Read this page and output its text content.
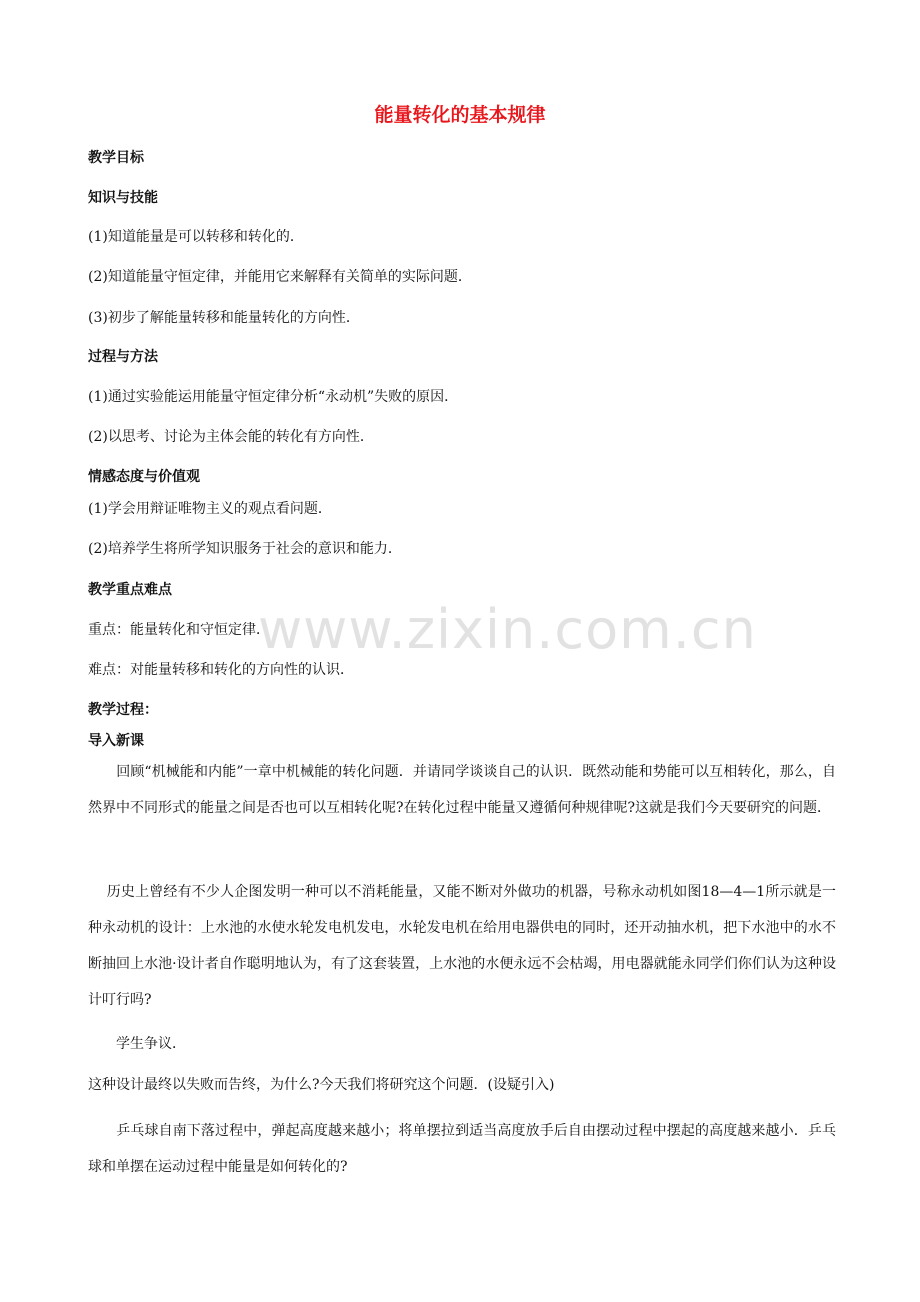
www.zixin.com.cn
能量转化的基本规律
教学目标
知识与技能
(1)知道能量是可以转移和转化的．
(2)知道能量守恒定律，并能用它来解释有关简单的实际问题．
(3)初步了解能量转移和能量转化的方向性．
过程与方法
(1)通过实验能运用能量守恒定律分析“永动机”失败的原因．
(2)以思考、讨论为主体会能的转化有方向性．
情感态度与价值观
(1)学会用辩证唯物主义的观点看问题．
(2)培养学生将所学知识服务于社会的意识和能力．
教学重点难点
重点：能量转化和守恒定律．
难点：对能量转移和转化的方向性的认识．
教学过程：
导入新课
　　回顾“机械能和内能”一章中机械能的转化问题．并请同学谈谈自己的认识．既然动能和势能可以互相转化，那么，自然界中不同形式的能量之间是否也可以互相转化呢?在转化过程中能量又遵循何种规律呢?这就是我们今天要研究的问题．
　 历史上曾经有不少人企图发明一种可以不消耗能量，又能不断对外做功的机器，号称永动机如图18—4—1所示就是一种永动机的设计：上水池的水使水轮发电机发电，水轮发电机在给用电器供电的同时，还开动抽水机，把下水池中的水不断抽回上水池·设计者自作聪明地认为，有了这套装置，上水池的水便永远不会枯竭，用电器就能永同学们你们认为这种设计叮行吗?
　　学生争议．
这种设计最终以失败而告终，为什么?今天我们将研究这个问题．(设疑引入)
　　乒乓球自南下落过程中，弹起高度越来越小；将单摆拉到适当高度放手后自由摆动过程中摆起的高度越来越小．乒乓球和单摆在运动过程中能量是如何转化的?
